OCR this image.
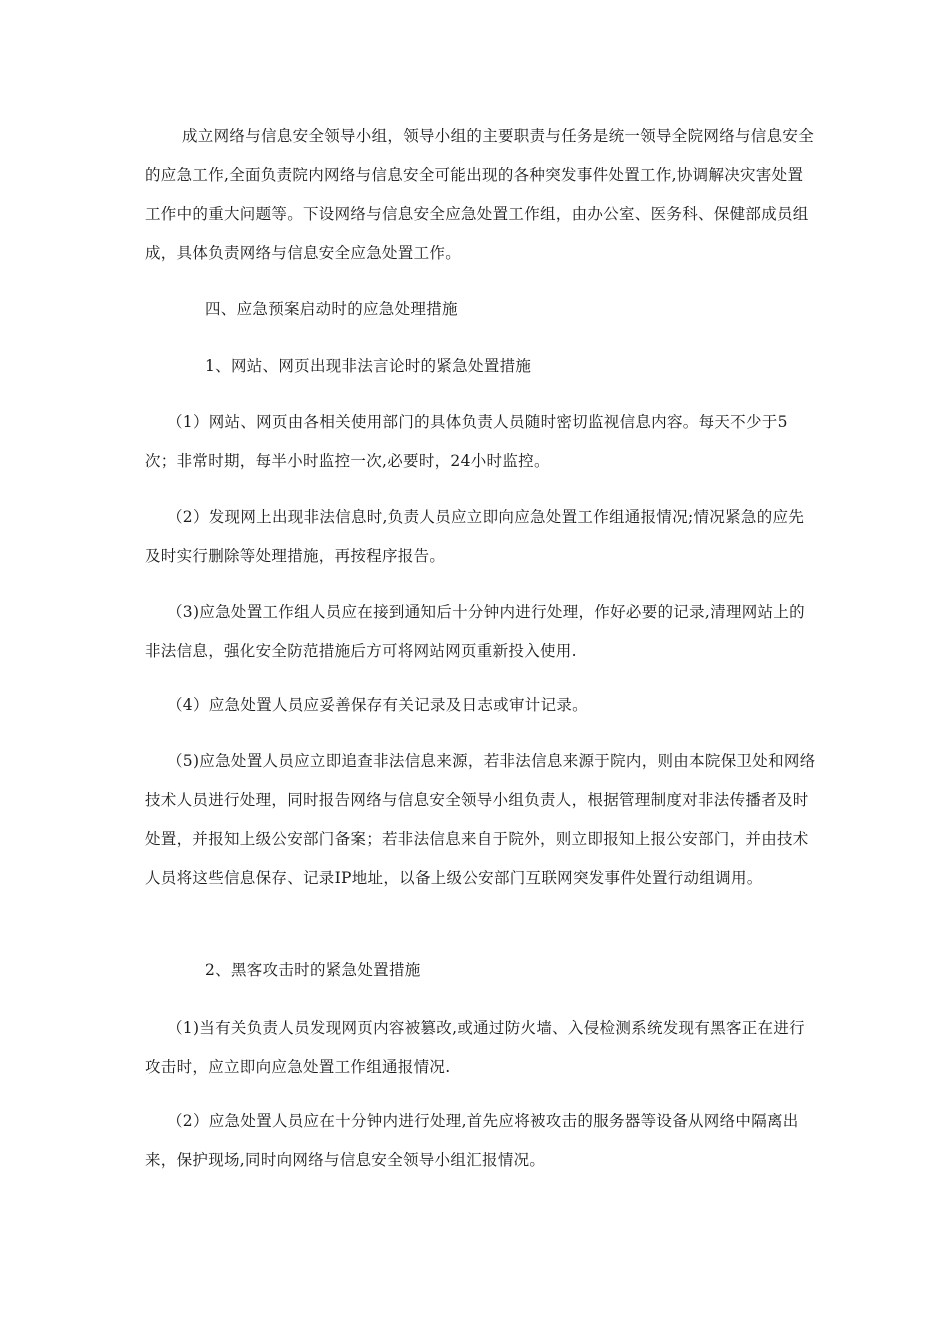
成立网络与信息安全领导小组，领导小组的主要职责与任务是统一领导全院网络与信息安全的应急工作,全面负责院内网络与信息安全可能出现的各种突发事件处置工作,协调解决灾害处置工作中的重大问题等。下设网络与信息安全应急处置工作组，由办公室、医务科、保健部成员组成，具体负责网络与信息安全应急处置工作。

四、应急预案启动时的应急处理措施

1、网站、网页出现非法言论时的紧急处置措施

（1）网站、网页由各相关使用部门的具体负责人员随时密切监视信息内容。每天不少于5次；非常时期，每半小时监控一次,必要时，24小时监控。

（2）发现网上出现非法信息时,负责人员应立即向应急处置工作组通报情况;情况紧急的应先及时实行删除等处理措施，再按程序报告。

（3)应急处置工作组人员应在接到通知后十分钟内进行处理，作好必要的记录,清理网站上的非法信息，强化安全防范措施后方可将网站网页重新投入使用.

（4）应急处置人员应妥善保存有关记录及日志或审计记录。

（5)应急处置人员应立即追查非法信息来源，若非法信息来源于院内，则由本院保卫处和网络技术人员进行处理，同时报告网络与信息安全领导小组负责人，根据管理制度对非法传播者及时处置，并报知上级公安部门备案；若非法信息来自于院外，则立即报知上报公安部门，并由技术人员将这些信息保存、记录IP地址，以备上级公安部门互联网突发事件处置行动组调用。

2、黑客攻击时的紧急处置措施

（1)当有关负责人员发现网页内容被篡改,或通过防火墙、入侵检测系统发现有黑客正在进行攻击时，应立即向应急处置工作组通报情况.

（2）应急处置人员应在十分钟内进行处理,首先应将被攻击的服务器等设备从网络中隔离出来，保护现场,同时向网络与信息安全领导小组汇报情况。
